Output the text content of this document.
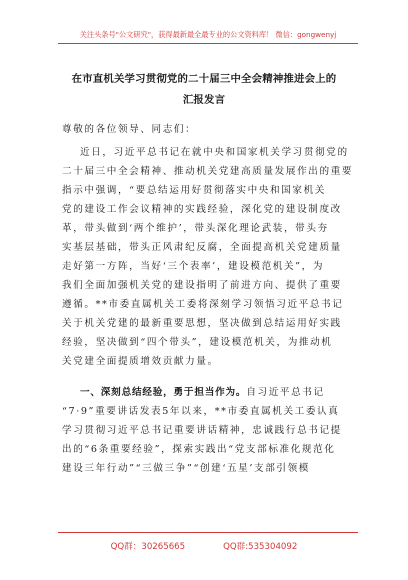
关注头条号"公文研究"，获得最新最全最专业的公文资料库！ 微信：gongwenyj
在市直机关学习贯彻党的二十届三中全会精神推进会上的
汇报发言
尊敬的各位领导、同志们：
近日，习近平总书记在就中央和国家机关学习贯彻党的
二十届三中全会精神、推动机关党建高质量发展作出的重要
指示中强调，“要总结运用好贯彻落实中央和国家机关
党的建设工作会议精神的实践经验，深化党的建设制度改
革，带头做到‘两个维护’，带头深化理论武装，带头夯
实基层基础，带头正风肃纪反腐，全面提高机关党建质量
走好第一方阵，当好‘三个表率’，建设模范机关”，为
我们全面加强机关党的建设指明了前进方向、提供了重要
遵循。**市委直属机关工委将深刻学习领悟习近平总书记
关于机关党建的最新重要思想，坚决做到总结运用好实践
经验，坚决做到“四个带头”，建设模范机关，为推动机
关党建全面提质增效贡献力量。
一、深刻总结经验，勇于担当作为。自习近平总书记
“7·9”重要讲话发表5年以来，**市委直属机关工委认真
学习贯彻习近平总书记重要讲话精神，忠诚践行总书记提
出的“6条重要经验”，探索实践出“党支部标准化规范化
建设三年行动”“三做三争”“创建‘五星’支部引领模
QQ群：30265665	QQ群:535304092
